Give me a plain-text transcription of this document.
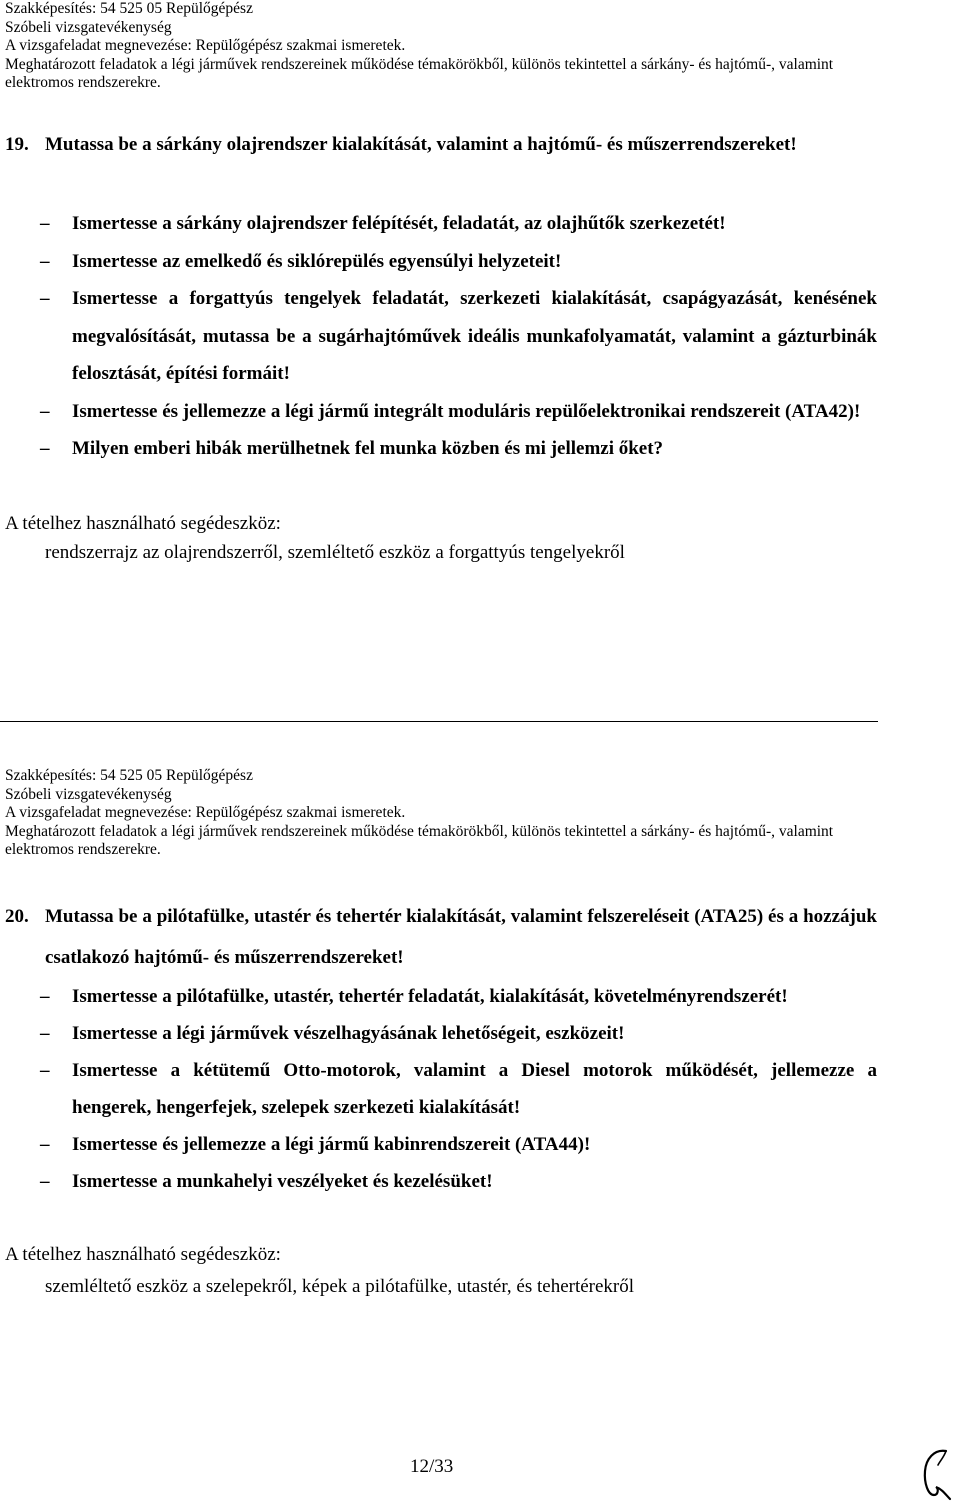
Szakképesítés: 54 525 05 Repülőgépész
Szóbeli vizsgatevékenység
A vizsgafeladat megnevezése: Repülőgépész szakmai ismeretek.
Meghatározott feladatok a légi járművek rendszereinek működése témakörökből, különös tekintettel a sárkány- és hajtómű-, valamint elektromos rendszerekre.
19. Mutassa be a sárkány olajrendszer kialakítását, valamint a hajtómű- és műszerrendszereket!
– Ismertesse a sárkány olajrendszer felépítését, feladatát, az olajhűtők szerkezetét!
– Ismertesse az emelkedő és siklórepülés egyensúlyi helyzeteit!
– Ismertesse a forgattyús tengelyek feladatát, szerkezeti kialakítását, csapágyazását, kenésének megvalósítását, mutassa be a sugárhajtóművek ideális munkafolyamatát, valamint a gázturbinák felosztását, építési formáit!
– Ismertesse és jellemezze a légi jármű integrált moduláris repülőelektronikai rendszereit (ATA42)!
– Milyen emberi hibák merülhetnek fel munka közben és mi jellemzi őket?
A tételhez használható segédeszköz:
rendszerrajz az olajrendszerről, szemléltető eszköz a forgattyús tengelyekről
Szakképesítés: 54 525 05 Repülőgépész
Szóbeli vizsgatevékenység
A vizsgafeladat megnevezése: Repülőgépész szakmai ismeretek.
Meghatározott feladatok a légi járművek rendszereinek működése témakörökből, különös tekintettel a sárkány- és hajtómű-, valamint elektromos rendszerekre.
20. Mutassa be a pilótafülke, utastér és tehertér kialakítását, valamint felszereléseit (ATA25) és a hozzájuk csatlakozó hajtómű- és műszerrendszereket!
– Ismertesse a pilótafülke, utastér, tehertér feladatát, kialakítását, követelményrendszerét!
– Ismertesse a légi járművek vészelhagyásának lehetőségeit, eszközeit!
– Ismertesse a kétütemű Otto-motorok, valamint a Diesel motorok működését, jellemezze a hengerek, hengerfejek, szelepek szerkezeti kialakítását!
– Ismertesse és jellemezze a légi jármű kabinrendszereit (ATA44)!
– Ismertesse a munkahelyi veszélyeket és kezelésüket!
A tételhez használható segédeszköz:
szemléltető eszköz a szelepekről, képek a pilótafülke, utastér, és tehertérekről
12/33
